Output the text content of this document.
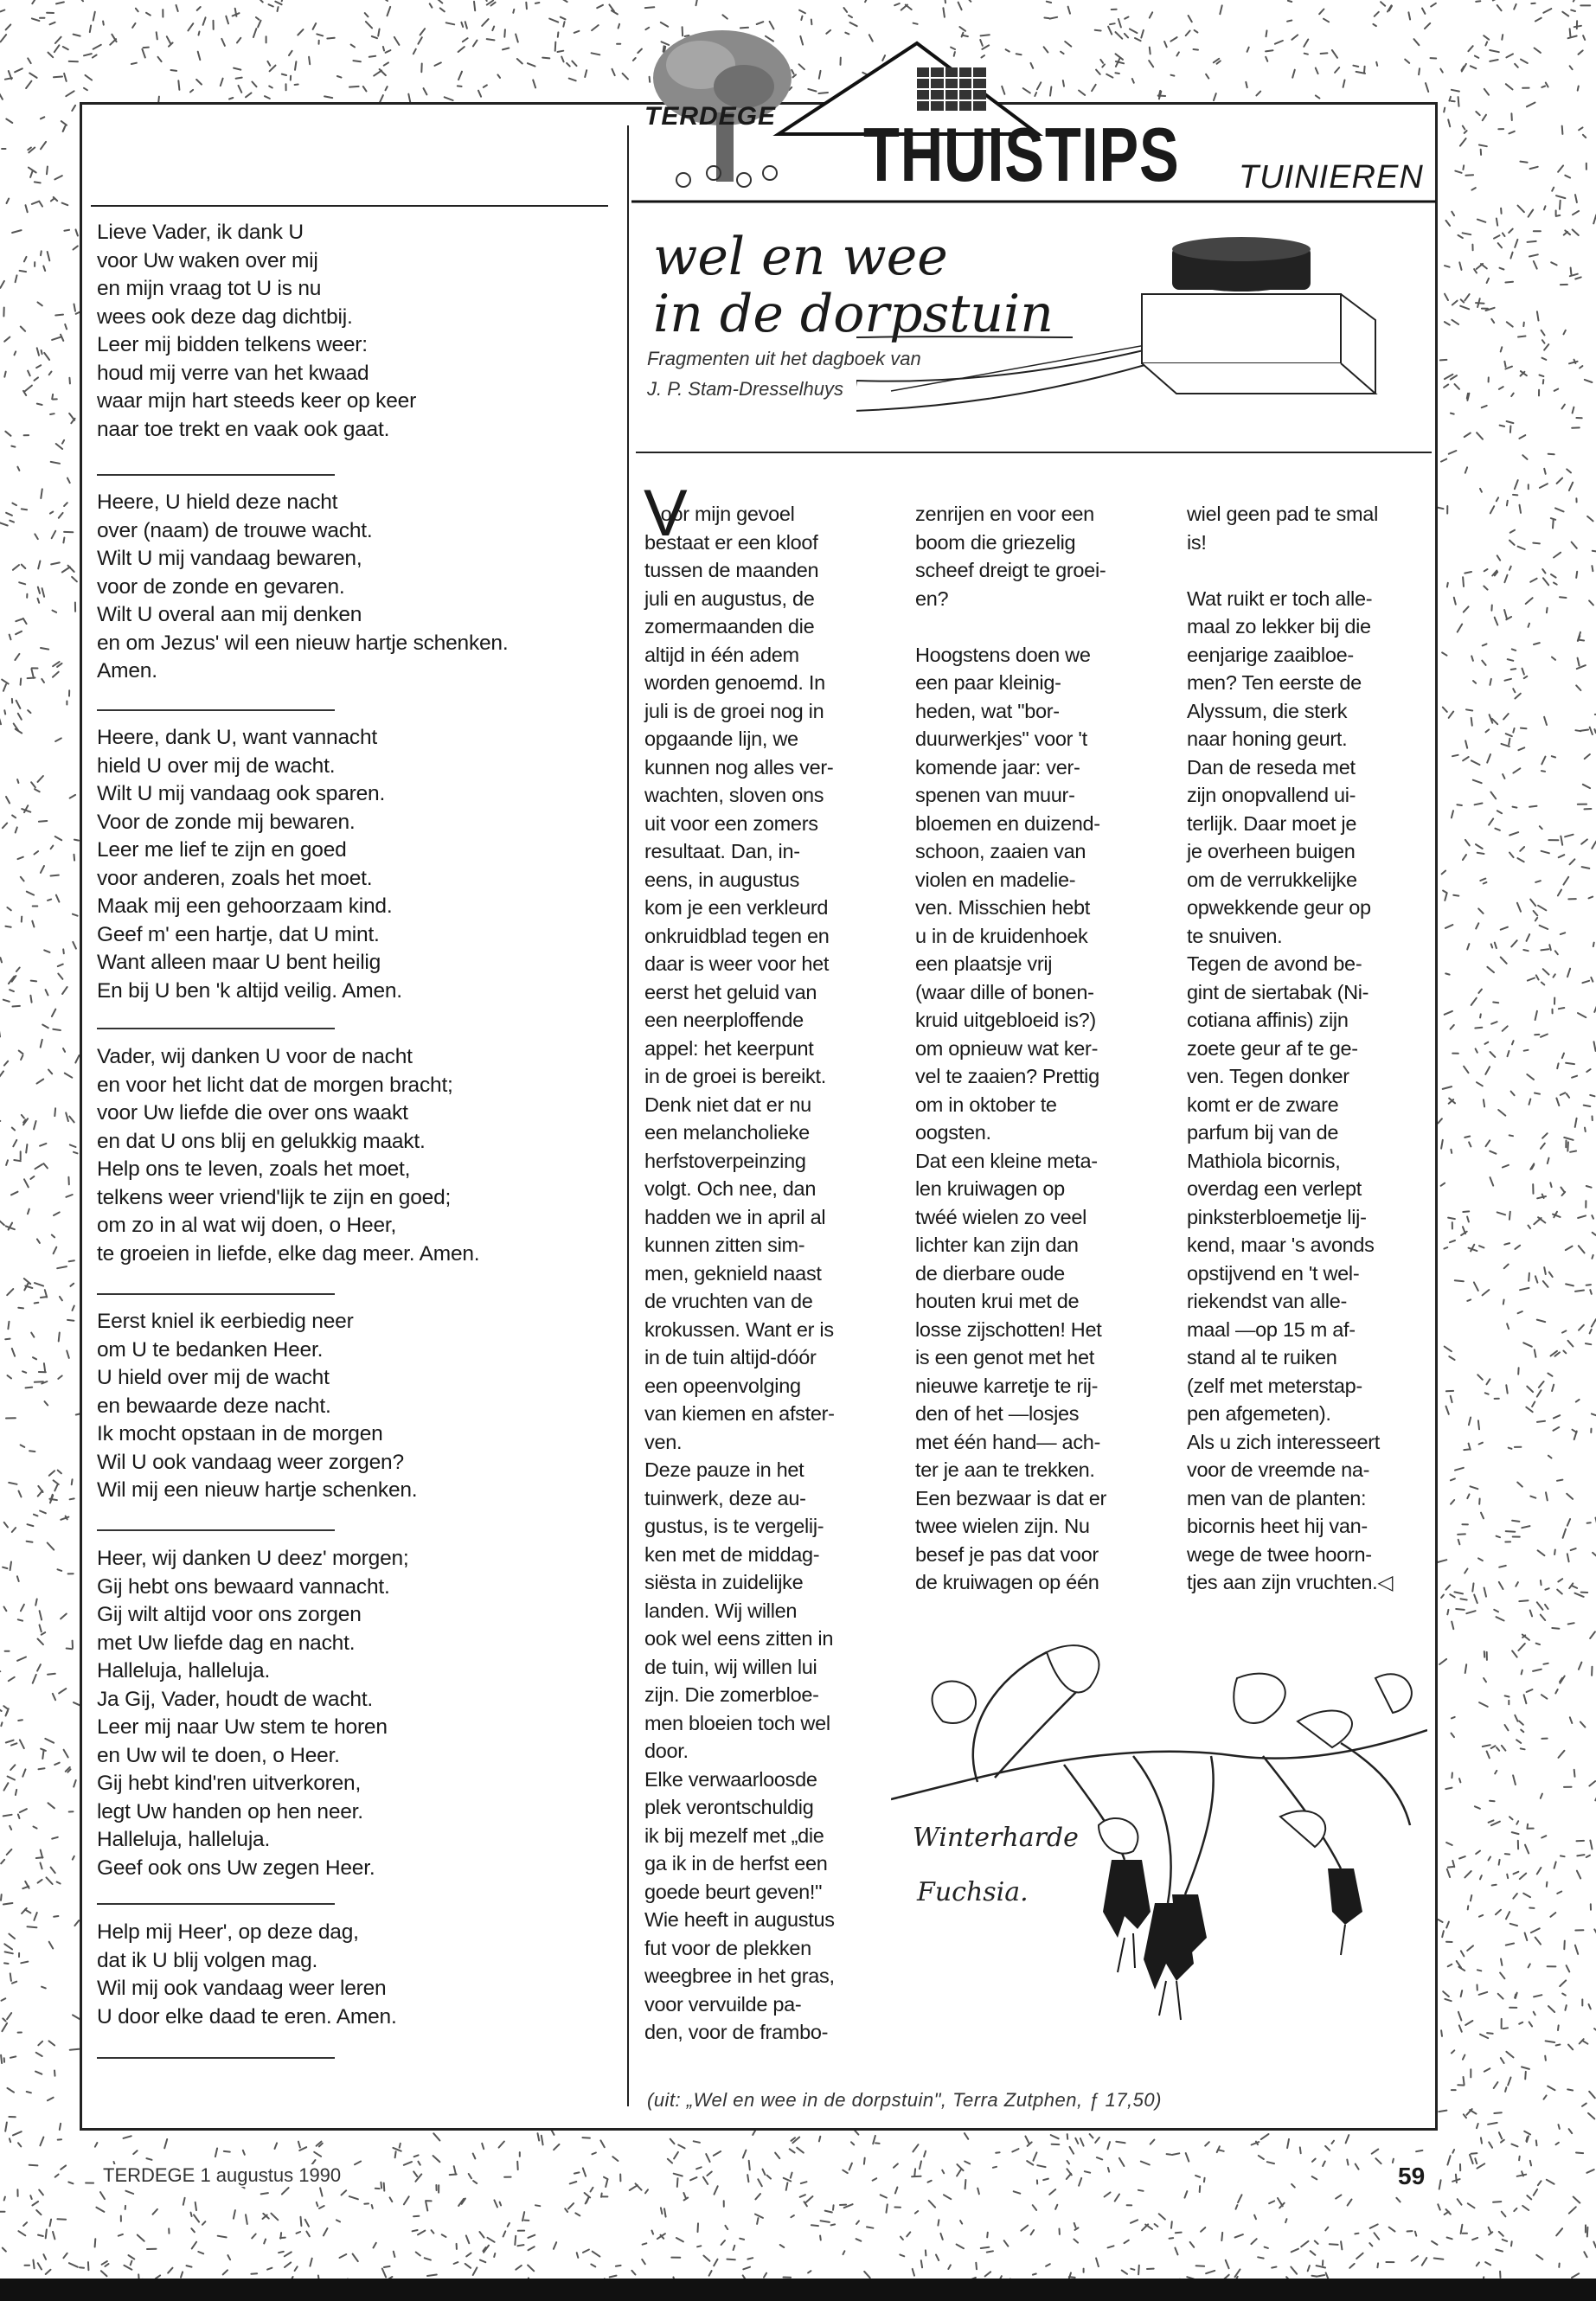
TERDEGE THUISTIPS TUINIEREN
wel en wee
in de dorpstuin
Fragmenten uit het dagboek van
J. P. Stam-Dresselhuys
V
oor mijn gevoel
bestaat er een kloof
tussen de maanden
juli en augustus, de
zomermaanden die
altijd in één adem
worden genoemd. In
juli is de groei nog in
opgaande lijn, we
kunnen nog alles ver-
wachten, sloven ons
uit voor een zomers
resultaat. Dan, in-
eens, in augustus
kom je een verkleurd
onkruidblad tegen en
daar is weer voor het
eerst het geluid van
een neerploffende
appel: het keerpunt
in de groei is bereikt.
Denk niet dat er nu
een melancholieke
herfstoverpeinzing
volgt. Och nee, dan
hadden we in april al
kunnen zitten sim-
men, geknield naast
de vruchten van de
krokussen. Want er is
in de tuin altijd-dóór
een opeenvolging
van kiemen en afster-
ven.
Deze pauze in het
tuinwerk, deze au-
gustus, is te vergelij-
ken met de middag-
siësta in zuidelijke
landen. Wij willen
ook wel eens zitten in
de tuin, wij willen lui
zijn. Die zomerbloe-
men bloeien toch wel
door.
Elke verwaarloosde
plek verontschuldig
ik bij mezelf met „die
ga ik in de herfst een
goede beurt geven!"
Wie heeft in augustus
fut voor de plekken
weegbree in het gras,
voor vervuilde pa-
den, voor de frambo-
zenrijen en voor een
boom die griezelig
scheef dreigt te groei-
en?

Hoogstens doen we
een paar kleinig-
heden, wat "bor-
duurwerkjes" voor 't
komende jaar: ver-
spenen van muur-
bloemen en duizend-
schoon, zaaien van
violen en madelie-
ven. Misschien hebt
u in de kruidenhoek
een plaatsje vrij
(waar dille of bonen-
kruid uitgebloeid is?)
om opnieuw wat ker-
vel te zaaien? Prettig
om in oktober te
oogsten.
Dat een kleine meta-
len kruiwagen op
twéé wielen zo veel
lichter kan zijn dan
de dierbare oude
houten krui met de
losse zijschotten! Het
is een genot met het
nieuwe karretje te rij-
den of het —losjes
met één hand— ach-
ter je aan te trekken.
Een bezwaar is dat er
twee wielen zijn. Nu
besef je pas dat voor
de kruiwagen op één
wiel geen pad te smal
is!

Wat ruikt er toch alle-
maal zo lekker bij die
eenjarige zaaibloe-
men? Ten eerste de
Alyssum, die sterk
naar honing geurt.
Dan de reseda met
zijn onopvallend ui-
terlijk. Daar moet je
je overheen buigen
om de verrukkelijke
opwekkende geur op
te snuiven.
Tegen de avond be-
gint de siertabak (Ni-
cotiana affinis) zijn
zoete geur af te ge-
ven. Tegen donker
komt er de zware
parfum bij van de
Mathiola bicornis,
overdag een verlept
pinksterbloemetje lij-
kend, maar 's avonds
opstijvend en 't wel-
riekendst van alle-
maal —op 15 m af-
stand al te ruiken
(zelf met meterstap-
pen afgemeten).
Als u zich interesseert
voor de vreemde na-
men van de planten:
bicornis heet hij van-
wege de twee hoorn-
tjes aan zijn vruchten.◁
Winterharde
Fuchsia.
(uit: „Wel en wee in de dorpstuin", Terra Zutphen, ƒ 17,50)
Lieve Vader, ik dank U
voor Uw waken over mij
en mijn vraag tot U is nu
wees ook deze dag dichtbij.
Leer mij bidden telkens weer:
houd mij verre van het kwaad
waar mijn hart steeds keer op keer
naar toe trekt en vaak ook gaat.
Heere, U hield deze nacht
over (naam) de trouwe wacht.
Wilt U mij vandaag bewaren,
voor de zonde en gevaren.
Wilt U overal aan mij denken
en om Jezus' wil een nieuw hartje schenken.
Amen.
Heere, dank U, want vannacht
hield U over mij de wacht.
Wilt U mij vandaag ook sparen.
Voor de zonde mij bewaren.
Leer me lief te zijn en goed
voor anderen, zoals het moet.
Maak mij een gehoorzaam kind.
Geef m' een hartje, dat U mint.
Want alleen maar U bent heilig
En bij U ben 'k altijd veilig. Amen.
Vader, wij danken U voor de nacht
en voor het licht dat de morgen bracht;
voor Uw liefde die over ons waakt
en dat U ons blij en gelukkig maakt.
Help ons te leven, zoals het moet,
telkens weer vriend'lijk te zijn en goed;
om zo in al wat wij doen, o Heer,
te groeien in liefde, elke dag meer. Amen.
Eerst kniel ik eerbiedig neer
om U te bedanken Heer.
U hield over mij de wacht
en bewaarde deze nacht.
Ik mocht opstaan in de morgen
Wil U ook vandaag weer zorgen?
Wil mij een nieuw hartje schenken.
Heer, wij danken U deez' morgen;
Gij hebt ons bewaard vannacht.
Gij wilt altijd voor ons zorgen
met Uw liefde dag en nacht.
Halleluja, halleluja.
Ja Gij, Vader, houdt de wacht.
Leer mij naar Uw stem te horen
en Uw wil te doen, o Heer.
Gij hebt kind'ren uitverkoren,
legt Uw handen op hen neer.
Halleluja, halleluja.
Geef ook ons Uw zegen Heer.
Help mij Heer', op deze dag,
dat ik U blij volgen mag.
Wil mij ook vandaag weer leren
U door elke daad te eren. Amen.
TERDEGE 1 augustus 1990	59
